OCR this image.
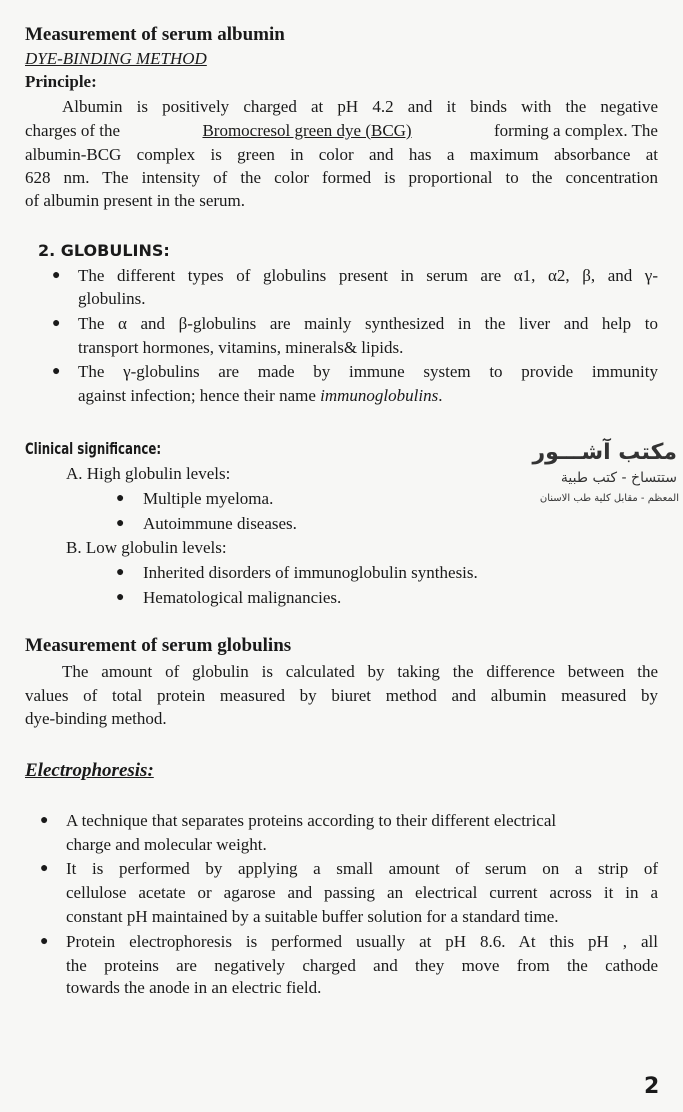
Measurement of serum albumin
DYE-BINDING METHOD
Principle:
Albumin is positively charged at pH 4.2 and it binds with the negative
charges of the	Bromocresol green dye (BCG)	forming a complex. The
albumin-BCG complex is green in color and has a maximum absorbance at
628 nm. The intensity of the color formed is proportional to the concentration
of albumin present in the serum.
2. GLOBULINS:
● The different types of globulins present in serum are α1, α2, β, and γ-
globulins.
● The α and β-globulins are mainly synthesized in the liver and help to
transport hormones, vitamins, minerals& lipids.
● The γ-globulins are made by immune system to provide immunity
against infection; hence their name immunoglobulins.
Clinical significance:
A. High globulin levels:
● Multiple myeloma.
● Autoimmune diseases.
B. Low globulin levels:
● Inherited disorders of immunoglobulin synthesis.
● Hematological malignancies.
مكتب آشـــور
ستتساخ - كتب طبية
المعظم - مقابل كلية طب الاسنان
Measurement of serum globulins
The amount of globulin is calculated by taking the difference between the
values of total protein measured by biuret method and albumin measured by
dye-binding method.
Electrophoresis:
● A technique that separates proteins according to their different electrical
charge and molecular weight.
● It is performed by applying a small amount of serum on a strip of
cellulose acetate or agarose and passing an electrical current across it in a
constant pH maintained by a suitable buffer solution for a standard time.
● Protein electrophoresis is performed usually at pH 8.6. At this pH , all
the proteins are negatively charged and they move from the cathode
towards the anode in an electric field.
2
